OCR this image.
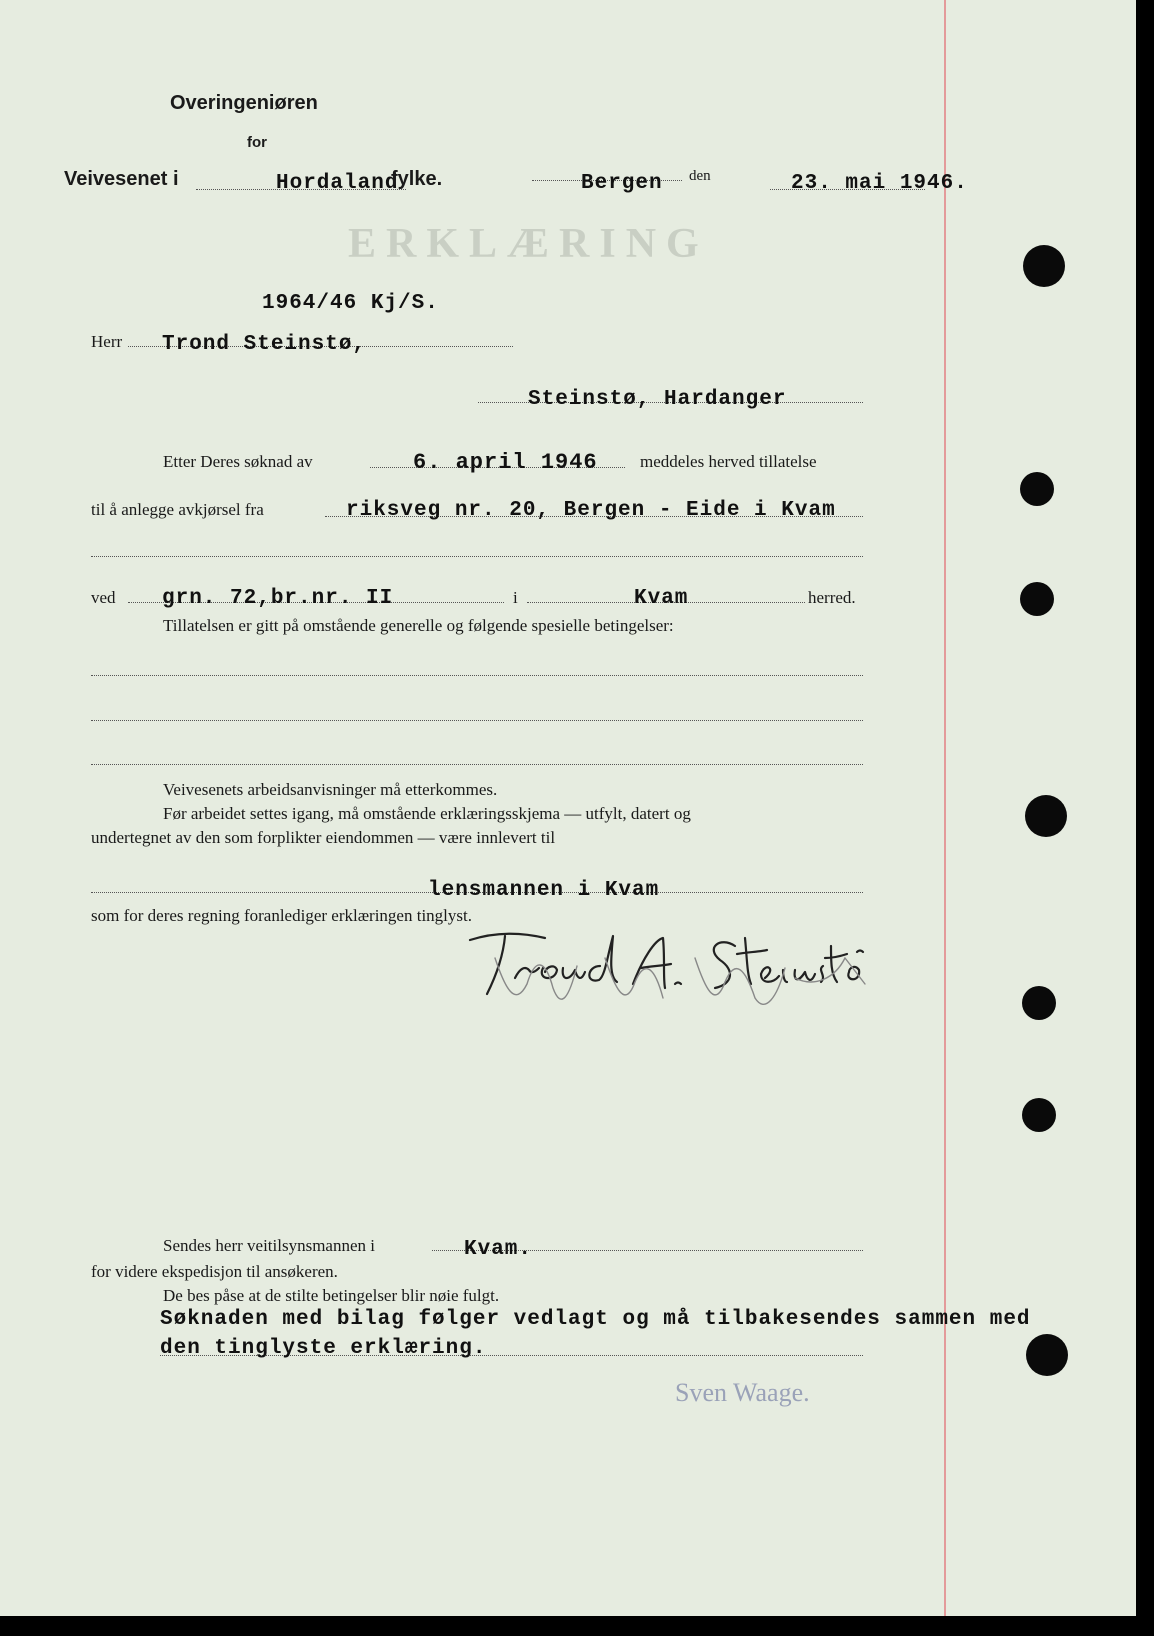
ERKLÆRING
Overingeniøren
for
Veivesenet i	Hordaland
fylke.	Bergen den	23. mai 1946.
1964/46 Kj/S.
Herr Trond Steinstø,
Steinstø, Hardanger
Etter Deres søknad av	6. april 1946 meddeles herved tillatelse
til å anlegge avkjørsel fra	riksveg nr. 20, Bergen - Eide i Kvam
ved grn. 72,br.nr. II	i	Kvam	herred.
Tillatelsen er gitt på omstående generelle og følgende spesielle betingelser:
Veivesenets arbeidsanvisninger må etterkommes.
Før arbeidet settes igang, må omstående erklæringsskjema — utfylt, datert og
undertegnet av den som forplikter eiendommen — være innlevert til
lensmannen i Kvam
som for deres regning foranlediger erklæringen tinglyst.
Sendes herr veitilsynsmannen i	Kvam.
for videre ekspedisjon til ansøkeren.
De bes påse at de stilte betingelser blir nøie fulgt.
Søknaden med bilag følger vedlagt og må tilbakesendes sammen med
den tinglyste erklæring.
Sven Waage.
